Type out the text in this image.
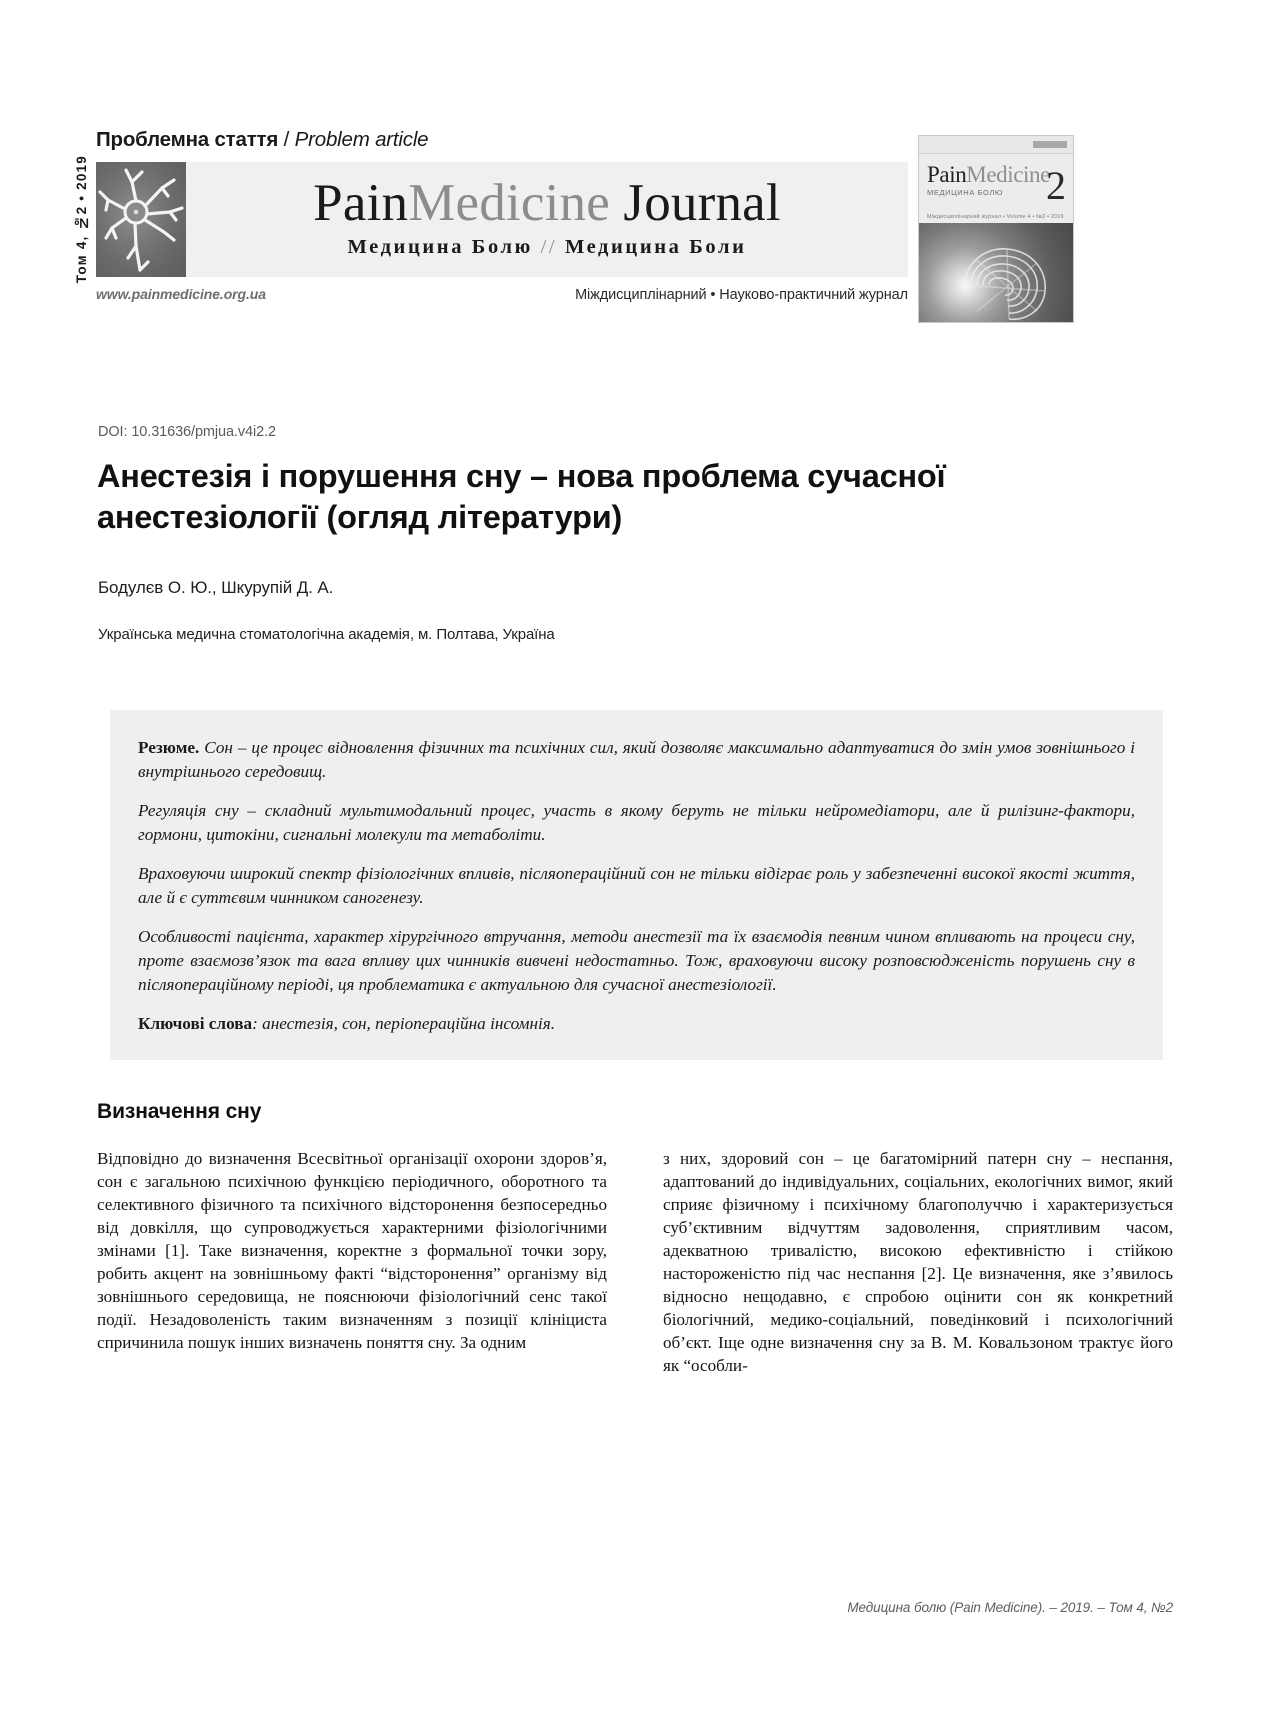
Проблемна стаття / Problem article
Том 4, №2 • 2019	PainMedicine Journal
Медицина Болю // Медицина Боли
www.painmedicine.org.ua	Міждисциплінарний • Науково-практичний журнал
PainMedicine
МЕДИЦИНА БОЛЮ	2
Міждисциплінарний журнал • Volume 4 • №2 • 2019
DOI: 10.31636/pmjua.v4i2.2
Анестезія і порушення сну – нова проблема сучасної анестезіології (огляд літератури)
Бодулєв О. Ю., Шкурупій Д. А.
Українська медична стоматологічна академія, м. Полтава, Україна

Резюме. Сон – це процес відновлення фізичних та психічних сил, який дозволяє максимально адаптуватися до змін умов зовнішнього і внутрішнього середовищ.

Регуляція сну – складний мультимодальний процес, участь в якому беруть не тільки нейромедіатори, але й рилізинг-фактори, гормони, цитокіни, сигнальні молекули та метаболіти.

Враховуючи широкий спектр фізіологічних впливів, післяопераційний сон не тільки відіграє роль у забезпеченні високої якості життя, але й є суттєвим чинником саногенезу.

Особливості пацієнта, характер хірургічного втручання, методи анестезії та їх взаємодія певним чином впливають на процеси сну, проте взаємозв’язок та вага впливу цих чинників вивчені недостатньо. Тож, враховуючи високу розповсюдженість порушень сну в післяопераційному періоді, ця проблематика є актуальною для сучасної анестезіології.

Ключові слова: анестезія, сон, періопераційна інсомнія.

Визначення сну

Відповідно до визначення Всесвітньої організації охорони здоров’я, сон є загальною психічною функцією періодичного, оборотного та селективного фізичного та психічного відсторонення безпосередньо від довкілля, що супроводжується характерними фізіологічними змінами [1]. Таке визначення, коректне з формальної точки зору, робить акцент на зовнішньому факті “відсторонення” організму від зовнішнього середовища, не пояснюючи фізіологічний сенс такої події. Незадоволеність таким визначенням з позиції клініциста спричинила пошук інших визначень поняття сну. За одним

з них, здоровий сон – це багатомірний патерн сну – неспання, адаптований до індивідуальних, соціальних, екологічних вимог, який сприяє фізичному і психічному благополуччю і характеризується суб’єктивним відчуттям задоволення, сприятливим часом, адекватною тривалістю, високою ефективністю і стійкою настороженістю під час неспання [2]. Це визначення, яке з’явилось відносно нещодавно, є спробою оцінити сон як конкретний біологічний, медико-соціальний, поведінковий і психологічний об’єкт. Іще одне визначення сну за В. М. Ковальзоном трактує його як “особли-

Медицина болю (Pain Medicine). – 2019. – Том 4, №2
